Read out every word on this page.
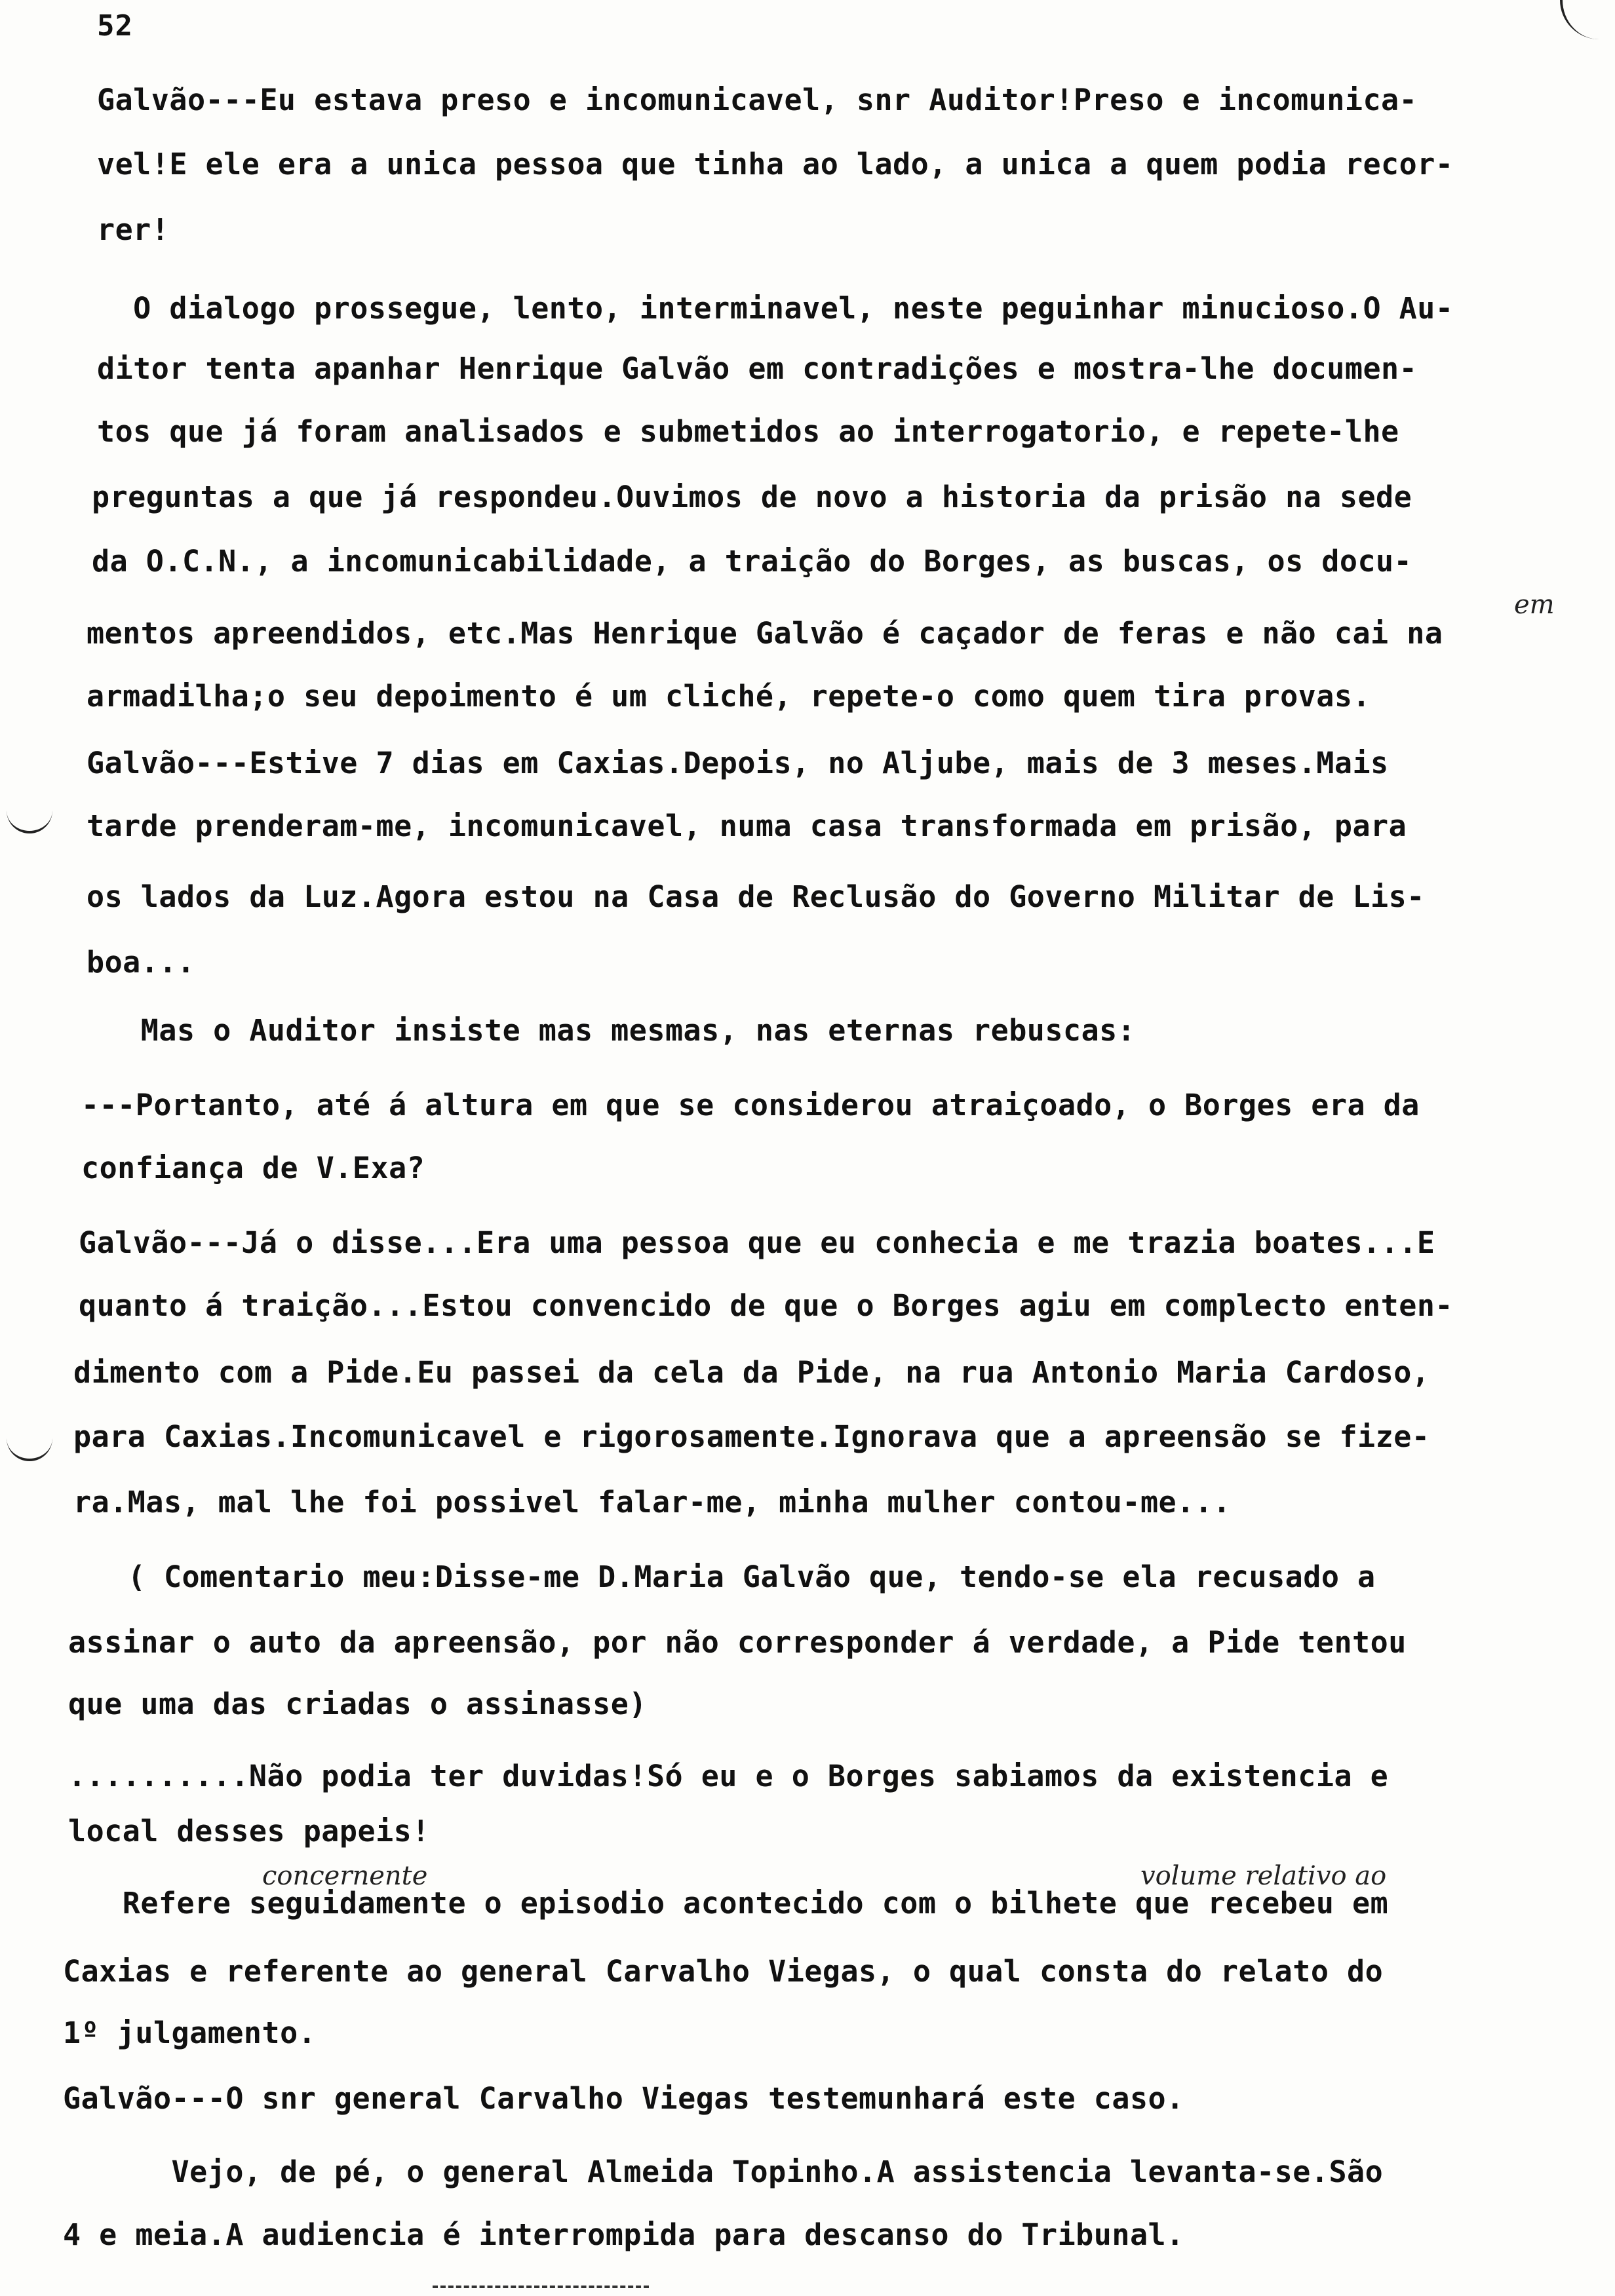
52
Galvão---Eu estava preso e incomunicavel, snr Auditor!Preso e incomunica-
vel!E ele era a unica pessoa que tinha ao lado, a unica a quem podia recor-
rer!
O dialogo prossegue, lento, interminavel, neste peguinhar minucioso.O Au-
ditor tenta apanhar Henrique Galvão em contradições e mostra-lhe documen-
tos que já foram analisados e submetidos ao interrogatorio, e repete-lhe
preguntas a que já respondeu.Ouvimos de novo a historia da prisão na sede
da O.C.N., a incomunicabilidade, a traição do Borges, as buscas, os docu-
mentos apreendidos, etc.Mas Henrique Galvão é caçador de feras e não cai na
armadilha;o seu depoimento é um cliché, repete-o como quem tira provas.
Galvão---Estive 7 dias em Caxias.Depois, no Aljube, mais de 3 meses.Mais
tarde prenderam-me, incomunicavel, numa casa transformada em prisão, para
os lados da Luz.Agora estou na Casa de Reclusão do Governo Militar de Lis-
boa...
Mas o Auditor insiste mas mesmas, nas eternas rebuscas:
---Portanto, até á altura em que se considerou atraiçoado, o Borges era da
confiança de V.Exa?
Galvão---Já o disse...Era uma pessoa que eu conhecia e me trazia boates...E
quanto á traição...Estou convencido de que o Borges agiu em complecto enten-
dimento com a Pide.Eu passei da cela da Pide, na rua Antonio Maria Cardoso,
para Caxias.Incomunicavel e rigorosamente.Ignorava que a apreensão se fize-
ra.Mas, mal lhe foi possivel falar-me, minha mulher contou-me...
( Comentario meu:Disse-me D.Maria Galvão que, tendo-se ela recusado a
assinar o auto da apreensão, por não corresponder á verdade, a Pide tentou
que uma das criadas o assinasse)
..........Não podia ter duvidas!Só eu e o Borges sabiamos da existencia e
local desses papeis!
Refere seguidamente o episodio acontecido com o bilhete que recebeu em
Caxias e referente ao general Carvalho Viegas, o qual consta do relato do
1º julgamento.
Galvão---O snr general Carvalho Viegas testemunhará este caso.
Vejo, de pé, o general Almeida Topinho.A assistencia levanta-se.São
4 e meia.A audiencia é interrompida para descanso do Tribunal.
em
concernente	volume relativo ao
